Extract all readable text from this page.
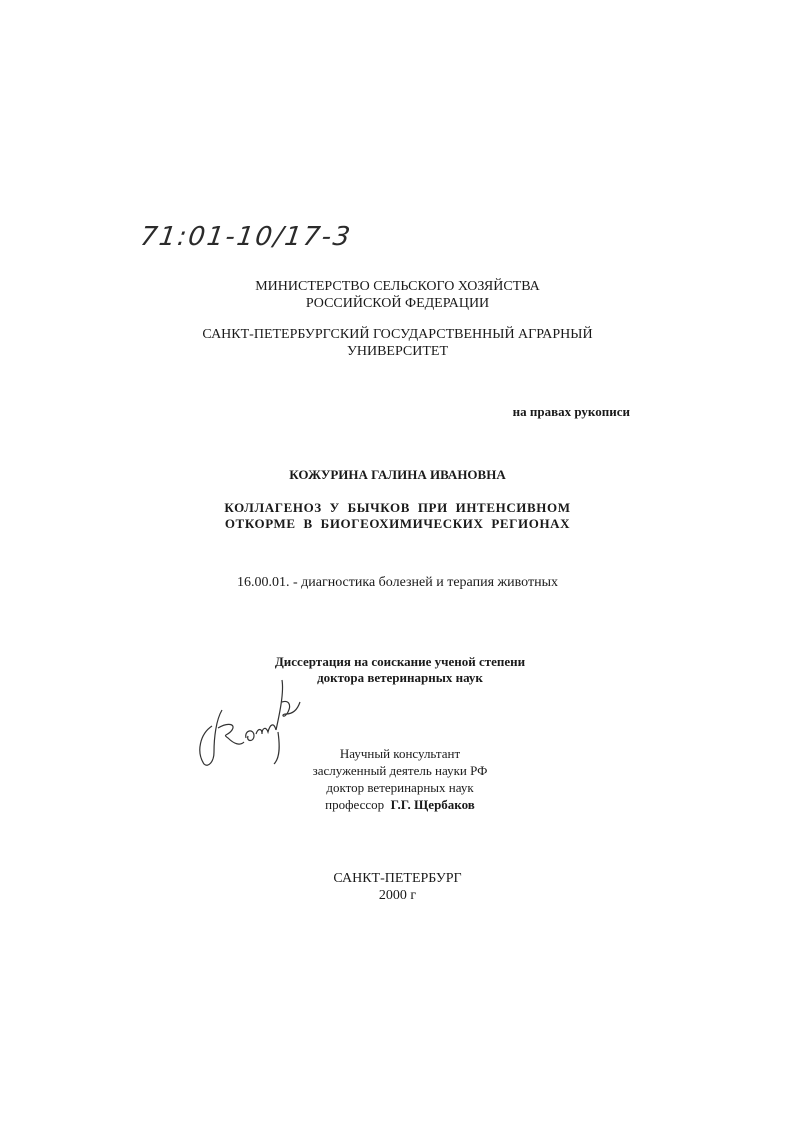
71:01-10/17-3
МИНИСТЕРСТВО СЕЛЬСКОГО ХОЗЯЙСТВА
РОССИЙСКОЙ ФЕДЕРАЦИИ
САНКТ-ПЕТЕРБУРГСКИЙ ГОСУДАРСТВЕННЫЙ АГРАРНЫЙ
УНИВЕРСИТЕТ
на правах рукописи
КОЖУРИНА ГАЛИНА ИВАНОВНА
КОЛЛАГЕНОЗ У БЫЧКОВ ПРИ ИНТЕНСИВНОМ
ОТКОРМЕ В БИОГЕОХИМИЧЕСКИХ РЕГИОНАХ
16.00.01. - диагностика болезней и терапия животных
Диссертация на соискание ученой степени
доктора ветеринарных наук
Научный консультант
заслуженный деятель науки РФ
доктор ветеринарных наук
профессор Г.Г. Щербаков
САНКТ-ПЕТЕРБУРГ
2000 г
